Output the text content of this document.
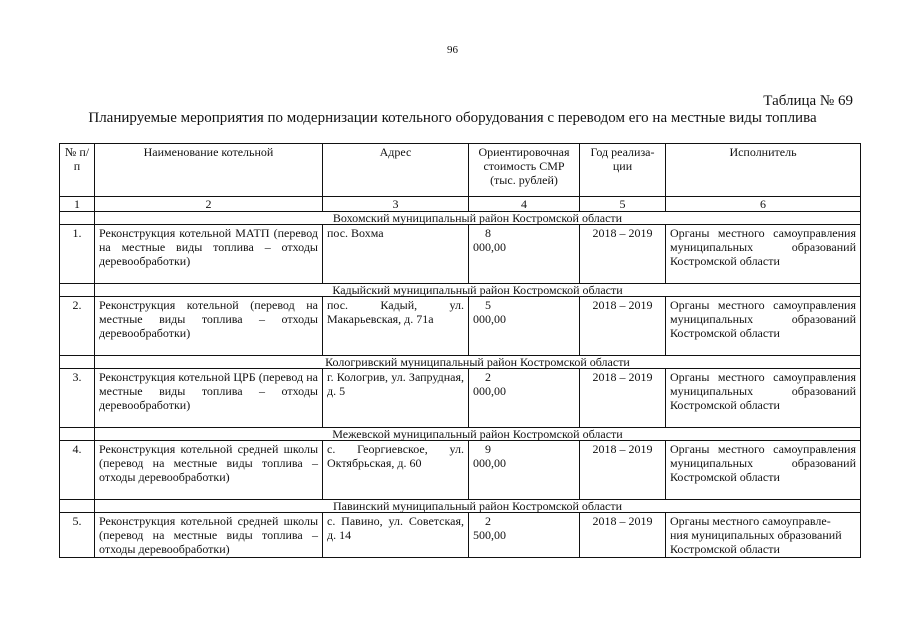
96
Таблица № 69
Планируемые мероприятия по модернизации котельного оборудования с переводом его на местные виды топлива
№ п/п	Наименование котельной	Адрес	Ориентировочная стоимость СМР (тыс. рублей)	Год реализа- ции	Исполнитель
1	2	3	4	5	6
	Вохомский муниципальный район Костромской области				
1.	Реконструкция котельной МАТП (перевод на местные виды топлива – отходы деревообработки)	пос. Вохма	8 000,00	2018 – 2019	Органы местного самоуправления муниципальных образований Костромской области
	Кадыйский муниципальный район Костромской области				
2.	Реконструкция котельной (перевод на местные виды топлива – отходы деревообработки)	пос. Кадый, ул. Макарьевская, д. 71а	5 000,00	2018 – 2019	Органы местного самоуправления муниципальных образований Костромской области
	Кологривский муниципальный район Костромской области				
3.	Реконструкция котельной ЦРБ (перевод на местные виды топлива – отходы деревообработки)	г. Кологрив, ул. Запрудная, д. 5	2 000,00	2018 – 2019	Органы местного самоуправления муниципальных образований Костромской области
	Межевской муниципальный район Костромской области				
4.	Реконструкция котельной средней школы (перевод на местные виды топлива – отходы деревообработки)	с. Георгиевское, ул. Октябрьская, д. 60	9 000,00	2018 – 2019	Органы местного самоуправления муниципальных образований Костромской области
	Павинский муниципальный район Костромской области				
5.	Реконструкция котельной средней школы (перевод на местные виды топлива – отходы деревообработки)	с. Павино, ул. Советская, д. 14	2 500,00	2018 – 2019	Органы местного самоуправле-
ния муниципальных образований
Костромской области
